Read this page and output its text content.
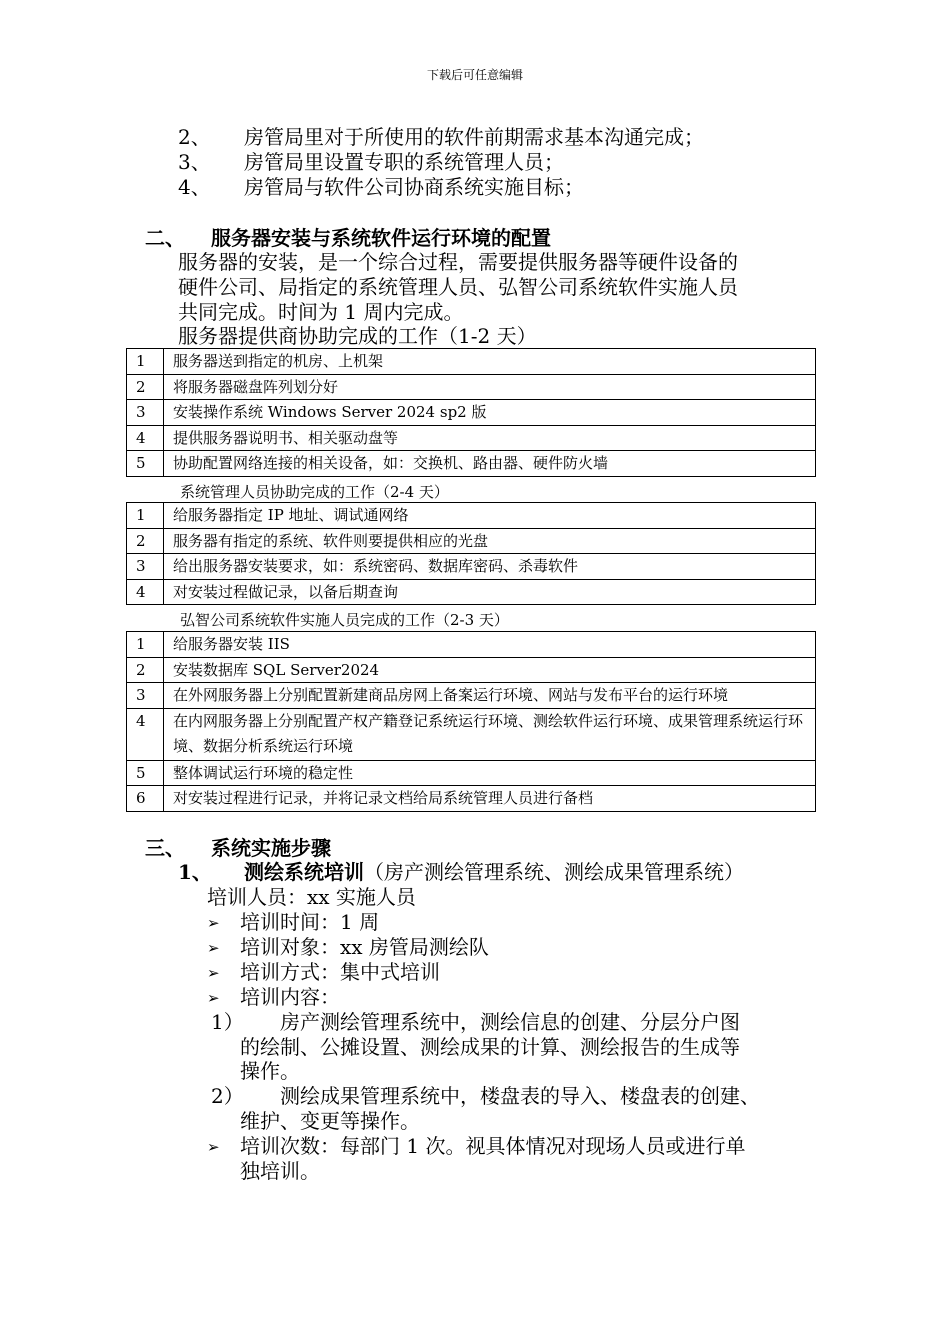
下载后可任意编辑
2、 房管局里对于所使用的软件前期需求基本沟通完成；
3、 房管局里设置专职的系统管理人员；
4、 房管局与软件公司协商系统实施目标；
二、 服务器安装与系统软件运行环境的配置
服务器的安装，是一个综合过程，需要提供服务器等硬件设备的
硬件公司、局指定的系统管理人员、弘智公司系统软件实施人员
共同完成。时间为 1 周内完成。
服务器提供商协助完成的工作（1-2 天）
1	服务器送到指定的机房、上机架
2	将服务器磁盘阵列划分好
3	安装操作系统 Windows Server 2024 sp2 版
4	提供服务器说明书、相关驱动盘等
5	协助配置网络连接的相关设备，如：交换机、路由器、硬件防火墙
系统管理人员协助完成的工作（2-4 天）
1	给服务器指定 IP 地址、调试通网络
2	服务器有指定的系统、软件则要提供相应的光盘
3	给出服务器安装要求，如：系统密码、数据库密码、杀毒软件
4	对安装过程做记录，以备后期查询
弘智公司系统软件实施人员完成的工作（2-3 天）
1	给服务器安装 IIS
2	安装数据库 SQL Server2024
3	在外网服务器上分别配置新建商品房网上备案运行环境、网站与发布平台的运行环境
4	在内网服务器上分别配置产权产籍登记系统运行环境、测绘软件运行环境、成果管理系统运行环境、数据分析系统运行环境
5	整体调试运行环境的稳定性
6	对安装过程进行记录，并将记录文档给局系统管理人员进行备档
三、 系统实施步骤
1、 测绘系统培训（房产测绘管理系统、测绘成果管理系统）
培训人员：xx 实施人员
➢ 培训时间：1 周
➢ 培训对象：xx 房管局测绘队
➢ 培训方式：集中式培训
➢ 培训内容：
1） 房产测绘管理系统中，测绘信息的创建、分层分户图
的绘制、公摊设置、测绘成果的计算、测绘报告的生成等
操作。
2） 测绘成果管理系统中，楼盘表的导入、楼盘表的创建、
维护、变更等操作。
➢ 培训次数：每部门 1 次。视具体情况对现场人员或进行单
独培训。
